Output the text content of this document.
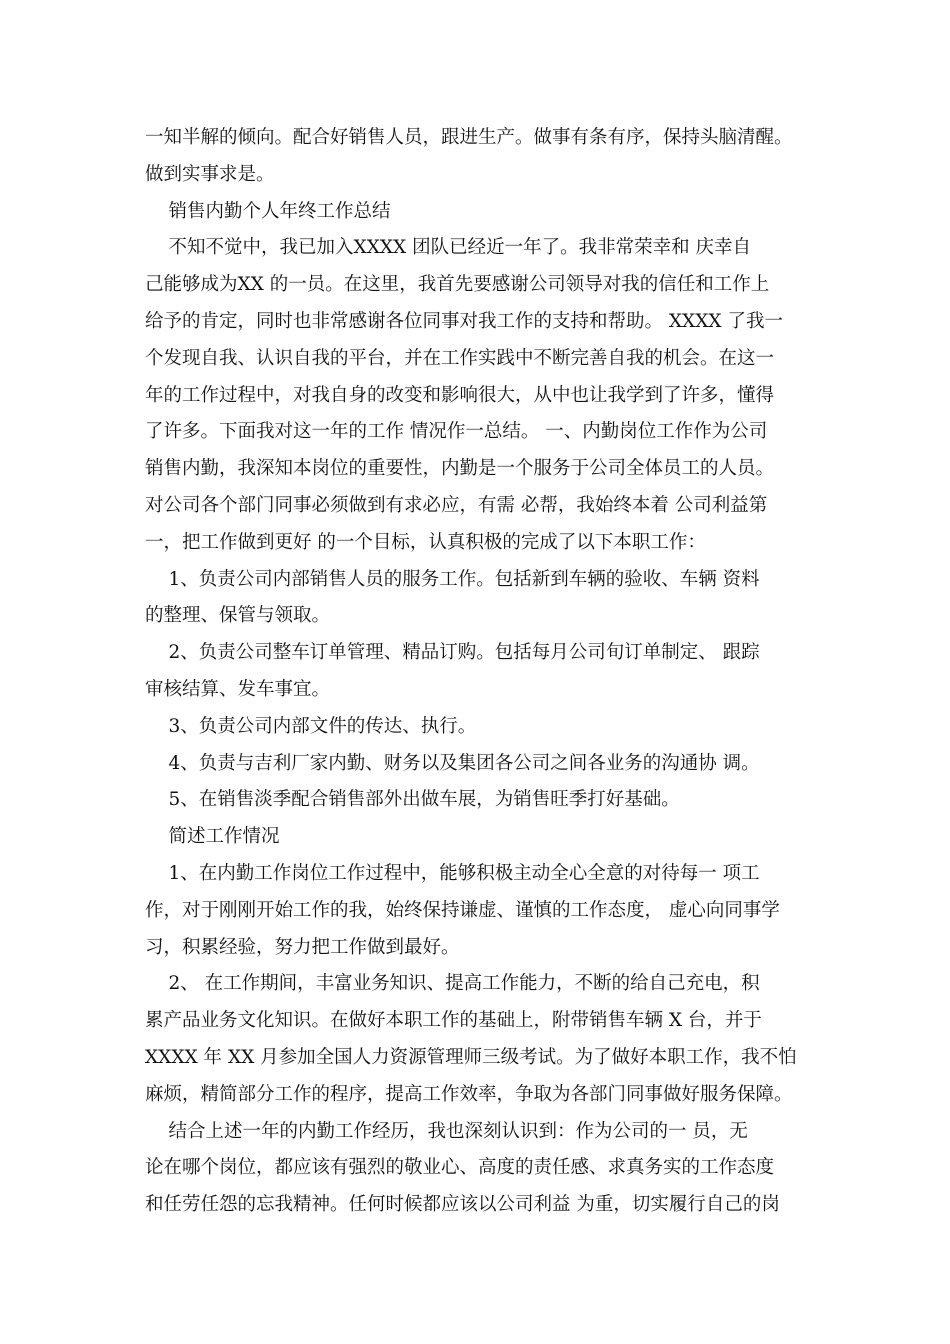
一知半解的倾向。配合好销售人员，跟进生产。做事有条有序，保持头脑清醒。
做到实事求是。
销售内勤个人年终工作总结
不知不觉中，我已加入XXXX 团队已经近一年了。我非常荣幸和 庆幸自
己能够成为XX 的一员。在这里，我首先要感谢公司领导对我的信任和工作上
给予的肯定，同时也非常感谢各位同事对我工作的支持和帮助。 XXXX 了我一
个发现自我、认识自我的平台，并在工作实践中不断完善自我的机会。在这一
年的工作过程中，对我自身的改变和影响很大，从中也让我学到了许多，懂得
了许多。下面我对这一年的工作 情况作一总结。 一、内勤岗位工作作为公司
销售内勤，我深知本岗位的重要性，内勤是一个服务于公司全体员工的人员。
对公司各个部门同事必须做到有求必应，有需 必帮，我始终本着 公司利益第
一，把工作做到更好 的一个目标，认真积极的完成了以下本职工作：
1、负责公司内部销售人员的服务工作。包括新到车辆的验收、车辆 资料
的整理、保管与领取。
2、负责公司整车订单管理、精品订购。包括每月公司旬订单制定、 跟踪
审核结算、发车事宜。
3、负责公司内部文件的传达、执行。
4、负责与吉利厂家内勤、财务以及集团各公司之间各业务的沟通协 调。
5、在销售淡季配合销售部外出做车展，为销售旺季打好基础。
简述工作情况
1、在内勤工作岗位工作过程中，能够积极主动全心全意的对待每一 项工
作，对于刚刚开始工作的我，始终保持谦虚、谨慎的工作态度， 虚心向同事学
习，积累经验，努力把工作做到最好。
2、 在工作期间，丰富业务知识、提高工作能力，不断的给自己充电，积
累产品业务文化知识。在做好本职工作的基础上，附带销售车辆 X 台，并于
XXXX 年 XX 月参加全国人力资源管理师三级考试。为了做好本职工作，我不怕
麻烦，精简部分工作的程序，提高工作效率，争取为各部门同事做好服务保障。
结合上述一年的内勤工作经历，我也深刻认识到：作为公司的一 员，无
论在哪个岗位，都应该有强烈的敬业心、高度的责任感、求真务实的工作态度
和任劳任怨的忘我精神。任何时候都应该以公司利益 为重，切实履行自己的岗
